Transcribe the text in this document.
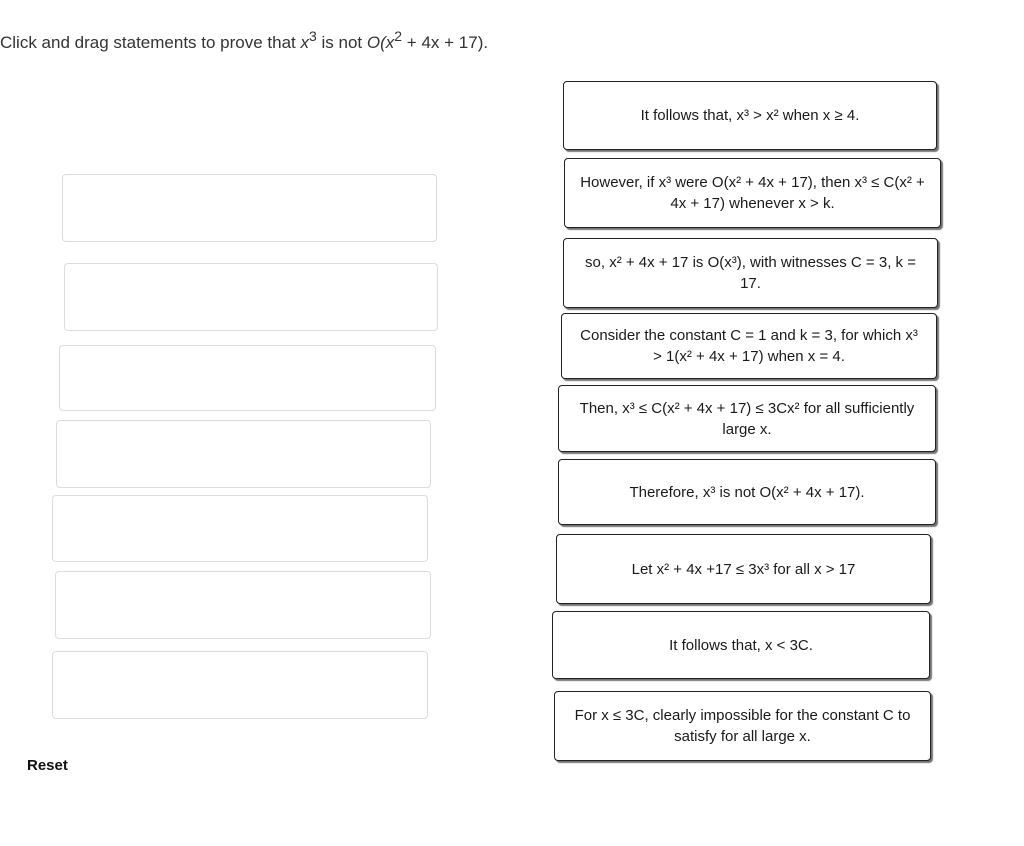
Click and drag statements to prove that $x^3$ is not $O(x^2 + 4x + 17)$.
It follows that, x³ > x² when x ≥ 4.
However, if x³ were O(x² + 4x + 17), then x³ ≤ C(x² + 4x + 17) whenever x > k.
so, x² + 4x + 17 is O(x³), with witnesses C = 3, k = 17.
Consider the constant C = 1 and k = 3, for which x³ > 1(x² + 4x + 17) when x = 4.
Then, x³ ≤ C(x² + 4x + 17) ≤ 3Cx² for all sufficiently large x.
Therefore, x³ is not O(x² + 4x + 17).
Let x² + 4x +17 ≤ 3x³ for all x > 17
It follows that, x < 3C.
For x ≤ 3C, clearly impossible for the constant C to satisfy for all large x.
Reset
